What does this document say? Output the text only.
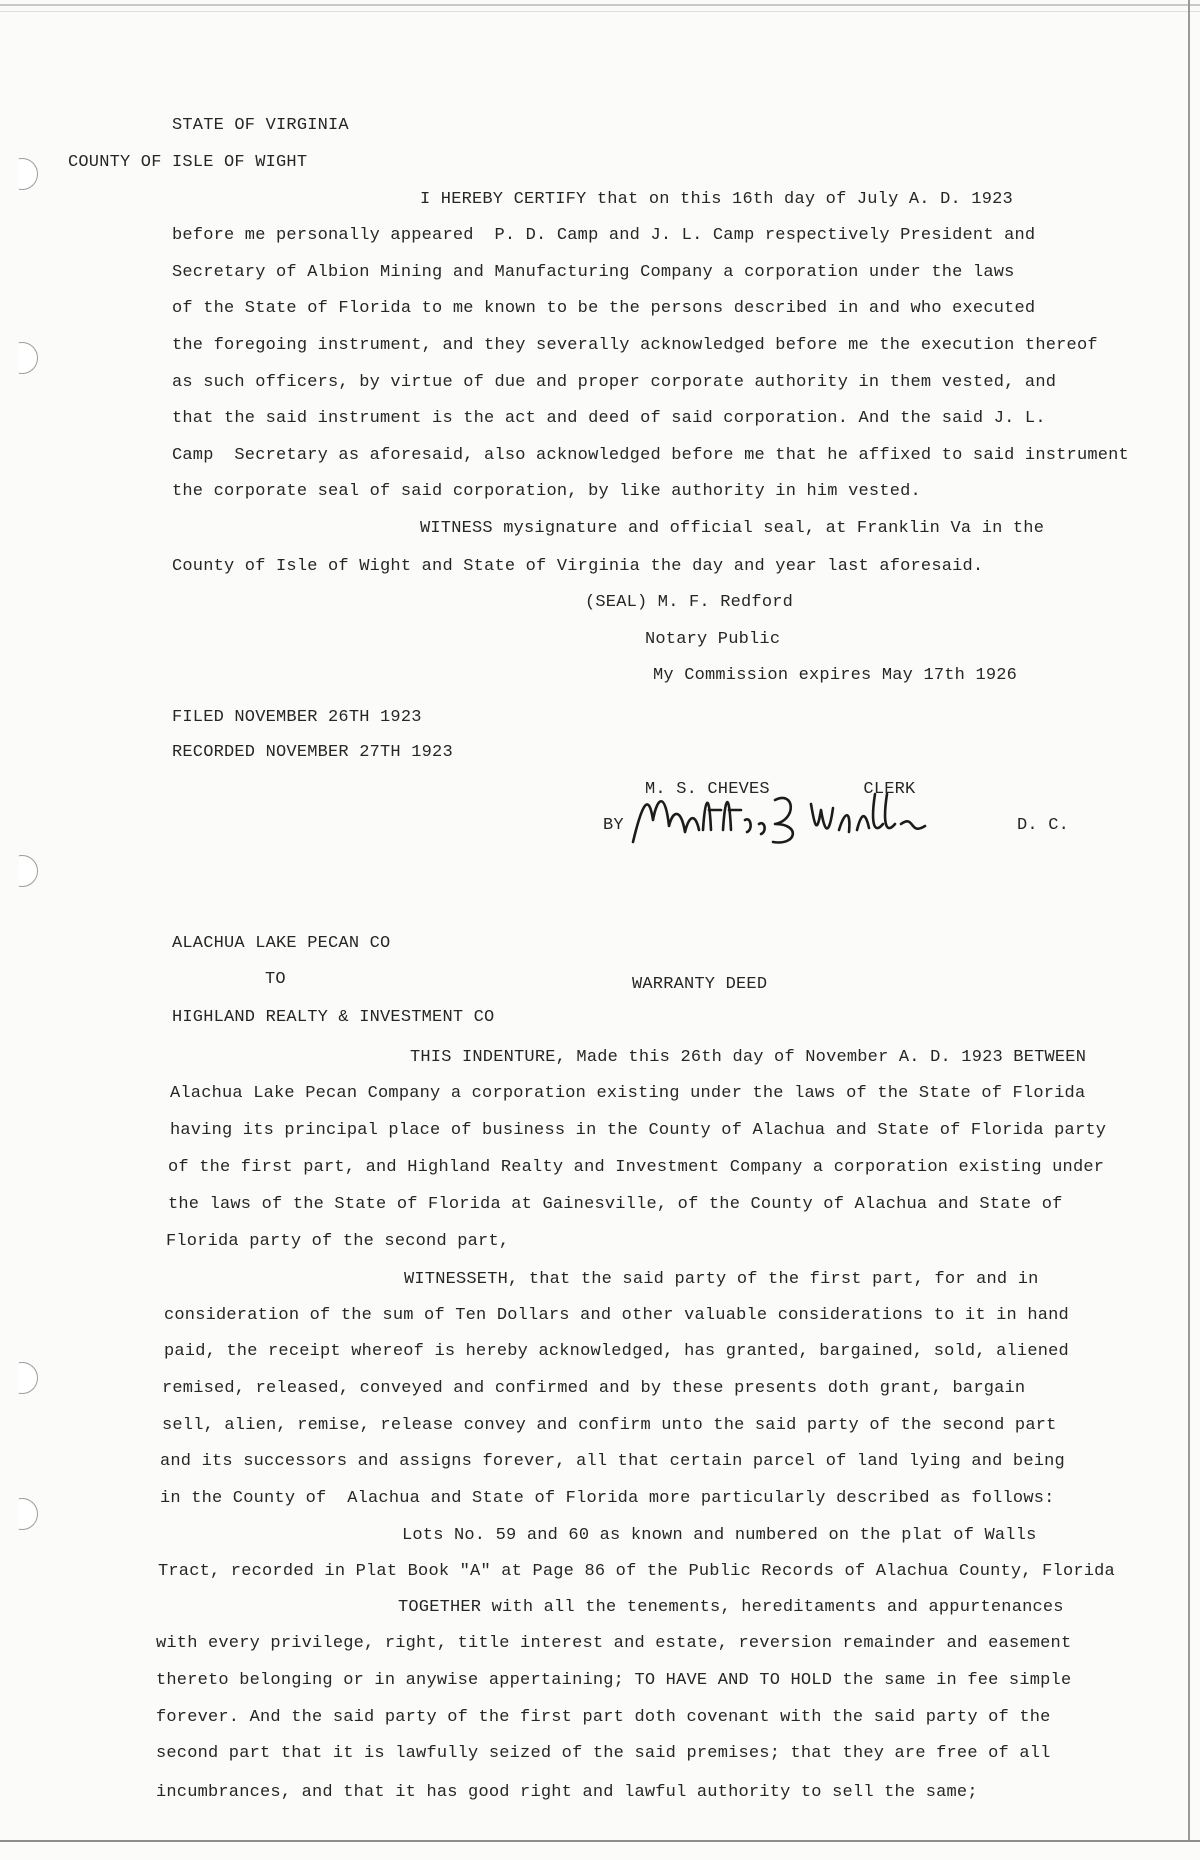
STATE OF VIRGINIA
COUNTY OF ISLE OF WIGHT
I HEREBY CERTIFY that on this 16th day of July A. D. 1923
before me personally appeared  P. D. Camp and J. L. Camp respectively President and
Secretary of Albion Mining and Manufacturing Company a corporation under the laws
of the State of Florida to me known to be the persons described in and who executed
the foregoing instrument, and they severally acknowledged before me the execution thereof
as such officers, by virtue of due and proper corporate authority in them vested, and
that the said instrument is the act and deed of said corporation. And the said J. L.
Camp  Secretary as aforesaid, also acknowledged before me that he affixed to said instrument
the corporate seal of said corporation, by like authority in him vested.
WITNESS mysignature and official seal, at Franklin Va in the
County of Isle of Wight and State of Virginia the day and year last aforesaid.
(SEAL) M. F. Redford
Notary Public
My Commission expires May 17th 1926
FILED NOVEMBER 26TH 1923
RECORDED NOVEMBER 27TH 1923
M. S. CHEVES         CLERK
BY	D. C.
ALACHUA LAKE PECAN CO
TO	WARRANTY DEED
HIGHLAND REALTY & INVESTMENT CO
THIS INDENTURE, Made this 26th day of November A. D. 1923 BETWEEN
Alachua Lake Pecan Company a corporation existing under the laws of the State of Florida
having its principal place of business in the County of Alachua and State of Florida party
of the first part, and Highland Realty and Investment Company a corporation existing under
the laws of the State of Florida at Gainesville, of the County of Alachua and State of
Florida party of the second part,
WITNESSETH, that the said party of the first part, for and in
consideration of the sum of Ten Dollars and other valuable considerations to it in hand
paid, the receipt whereof is hereby acknowledged, has granted, bargained, sold, aliened
remised, released, conveyed and confirmed and by these presents doth grant, bargain
sell, alien, remise, release convey and confirm unto the said party of the second part
and its successors and assigns forever, all that certain parcel of land lying and being
in the County of  Alachua and State of Florida more particularly described as follows:
Lots No. 59 and 60 as known and numbered on the plat of Walls
Tract, recorded in Plat Book "A" at Page 86 of the Public Records of Alachua County, Florida
TOGETHER with all the tenements, hereditaments and appurtenances
with every privilege, right, title interest and estate, reversion remainder and easement
thereto belonging or in anywise appertaining; TO HAVE AND TO HOLD the same in fee simple
forever. And the said party of the first part doth covenant with the said party of the
second part that it is lawfully seized of the said premises; that they are free of all
incumbrances, and that it has good right and lawful authority to sell the same;
